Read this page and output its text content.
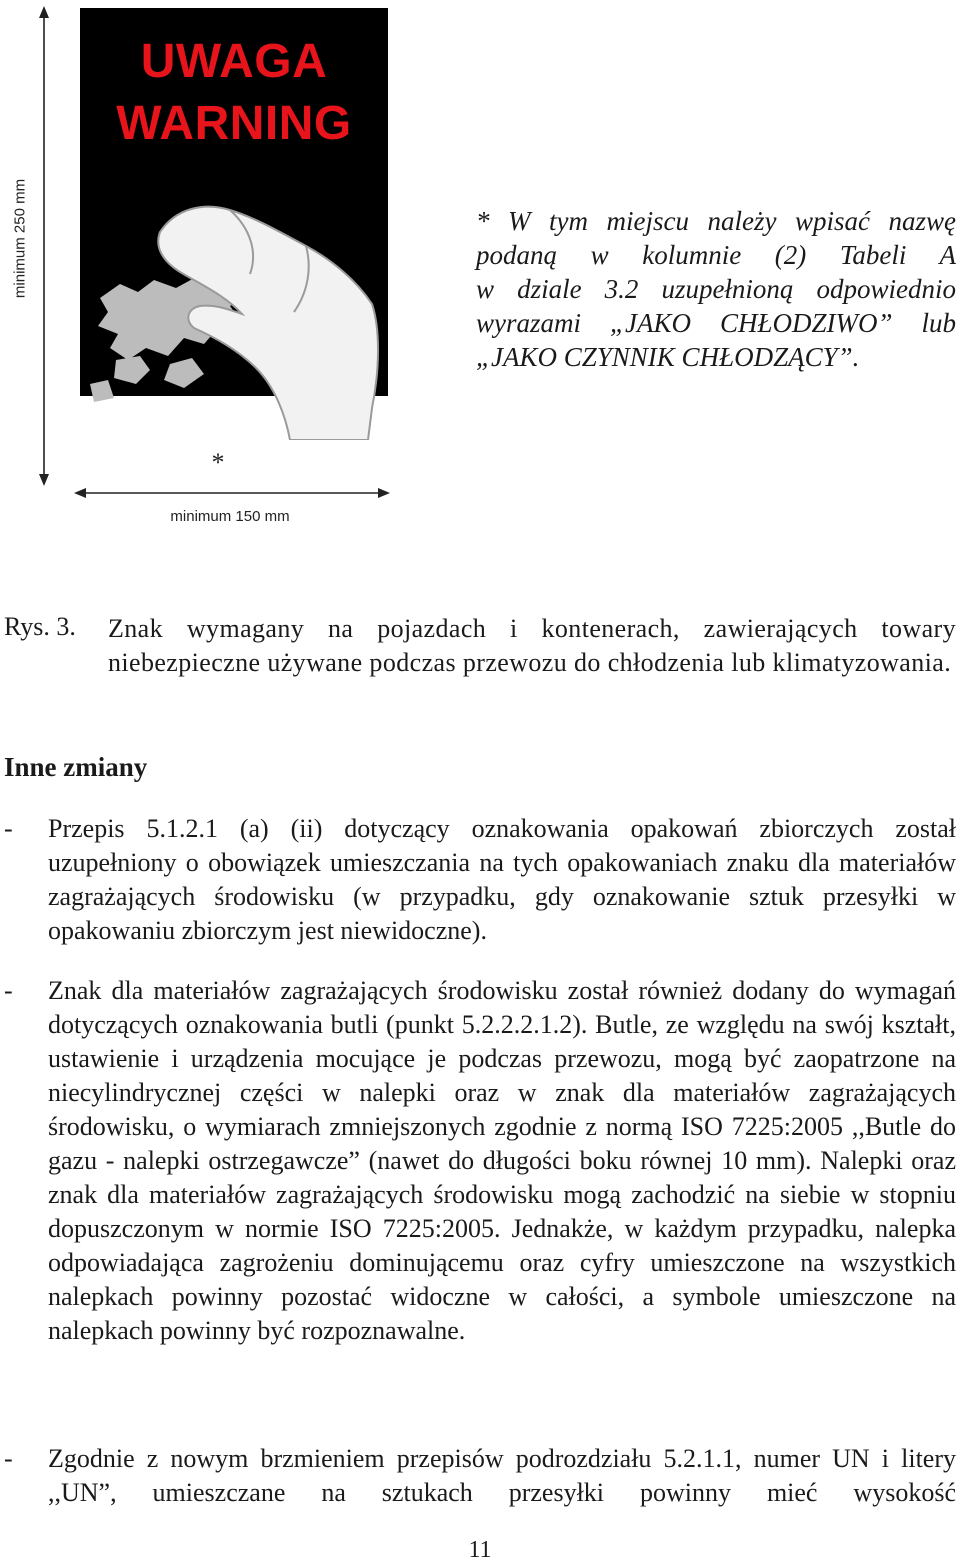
minimum 250 mm
minimum 150 mm
UWAGA
WARNING
*

* W tym miejscu należy wpisać nazwę

podaną w kolumnie (2) Tabeli A

w dziale 3.2 uzupełnioną odpowiednio

wyrazami „JAKO CHŁODZIWO” lub

„JAKO CZYNNIK CHŁODZĄCY”.

Rys. 3. Znak wymagany na pojazdach i kontenerach, zawierających towary niebezpieczne używane podczas przewozu do chłodzenia lub klimatyzowania.
Inne zmiany
- Przepis 5.1.2.1 (a) (ii) dotyczący oznakowania opakowań zbiorczych został uzupełniony o obowiązek umieszczania na tych opakowaniach znaku dla materiałów zagrażających środowisku (w przypadku, gdy oznakowanie sztuk przesyłki w opakowaniu zbiorczym jest niewidoczne).
- Znak dla materiałów zagrażających środowisku został również dodany do wymagań dotyczących oznakowania butli (punkt 5.2.2.2.1.2). Butle, ze względu na swój kształt, ustawienie i urządzenia mocujące je podczas przewozu, mogą być zaopatrzone na niecylindrycznej części w nalepki oraz w znak dla materiałów zagrażających środowisku, o wymiarach zmniejszonych zgodnie z normą ISO 7225:2005 ,,Butle do gazu - nalepki ostrzegawcze” (nawet do długości boku równej 10 mm). Nalepki oraz znak dla materiałów zagrażających środowisku mogą zachodzić na siebie w stopniu dopuszczonym w normie ISO 7225:2005. Jednakże, w każdym przypadku, nalepka odpowiadająca zagrożeniu dominującemu oraz cyfry umieszczone na wszystkich nalepkach powinny pozostać widoczne w całości, a symbole umieszczone na nalepkach powinny być rozpoznawalne.
- Zgodnie z nowym brzmieniem przepisów podrozdziału 5.2.1.1, numer UN i litery ,,UN”, umieszczane na sztukach przesyłki powinny mieć wysokość
11
